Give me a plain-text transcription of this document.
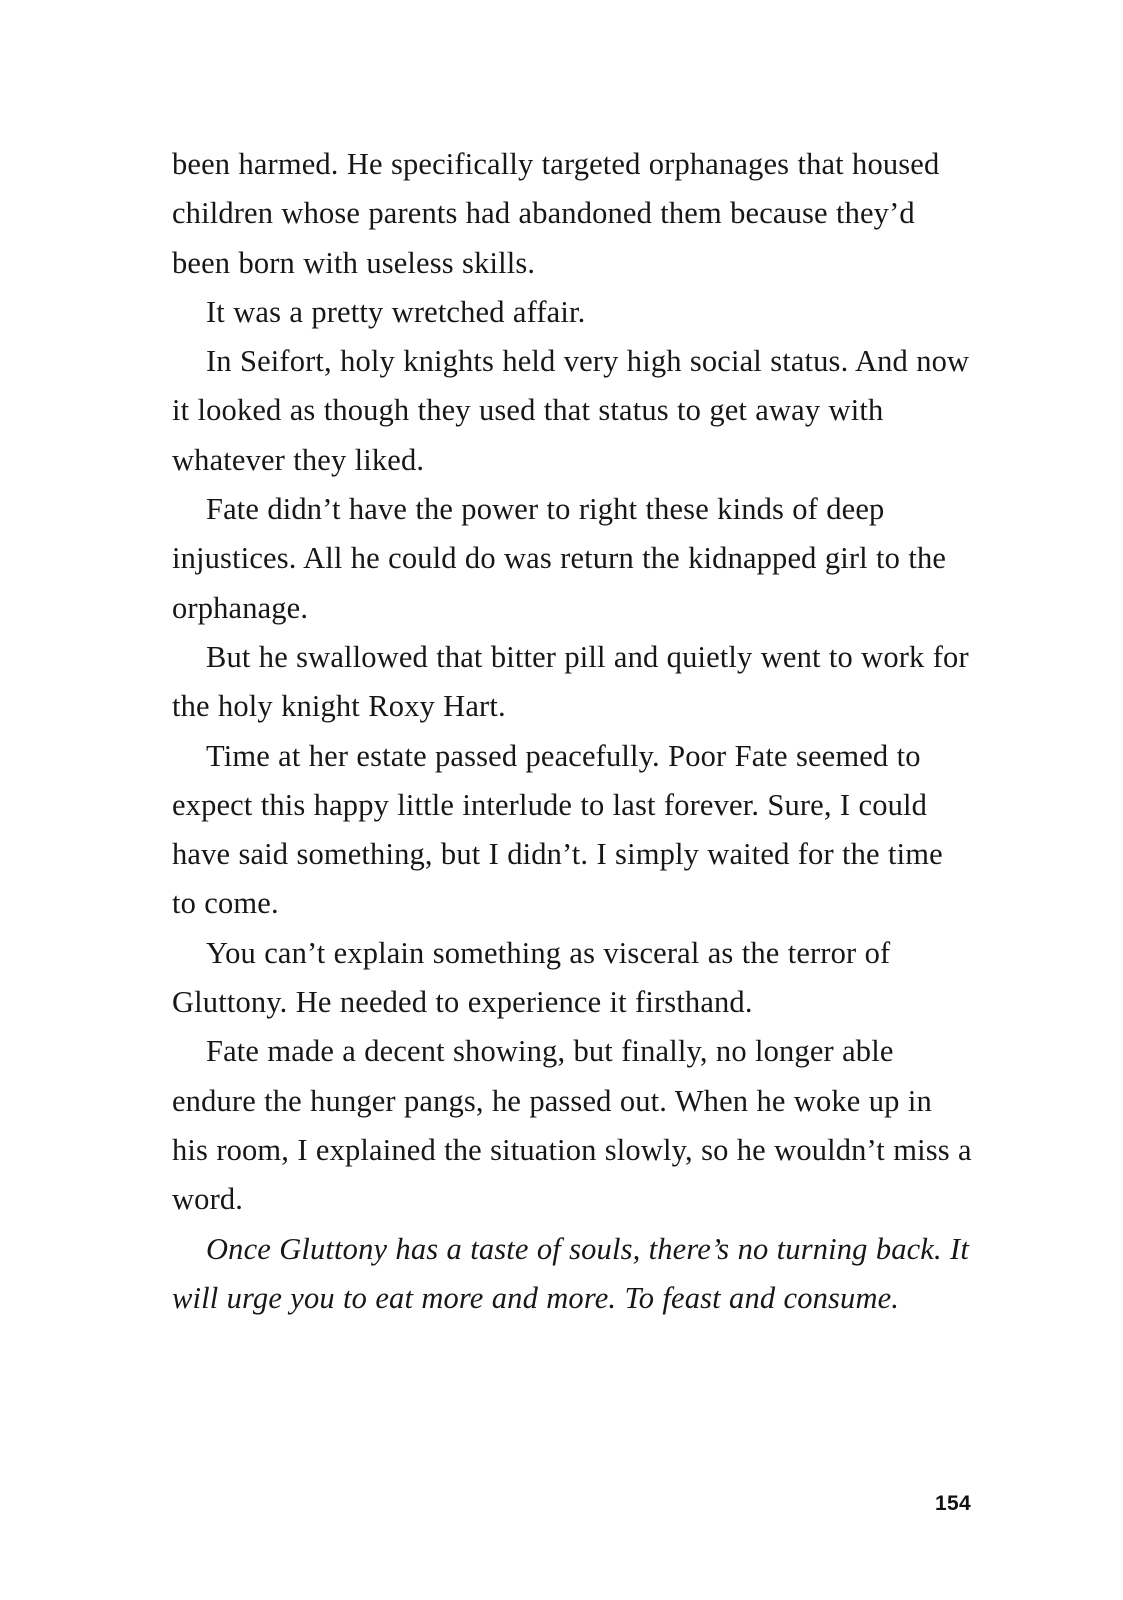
been harmed. He specifically targeted orphanages that housed children whose parents had abandoned them because they’d been born with useless skills.

It was a pretty wretched affair.

In Seifort, holy knights held very high social status. And now it looked as though they used that status to get away with whatever they liked.

Fate didn’t have the power to right these kinds of deep injustices. All he could do was return the kidnapped girl to the orphanage.

But he swallowed that bitter pill and quietly went to work for the holy knight Roxy Hart.

Time at her estate passed peacefully. Poor Fate seemed to expect this happy little interlude to last forever. Sure, I could have said something, but I didn’t. I simply waited for the time to come.

You can’t explain something as visceral as the terror of Gluttony. He needed to experience it firsthand.

Fate made a decent showing, but finally, no longer able endure the hunger pangs, he passed out. When he woke up in his room, I explained the situation slowly, so he wouldn’t miss a word.

Once Gluttony has a taste of souls, there’s no turning back. It will urge you to eat more and more. To feast and consume.

154
